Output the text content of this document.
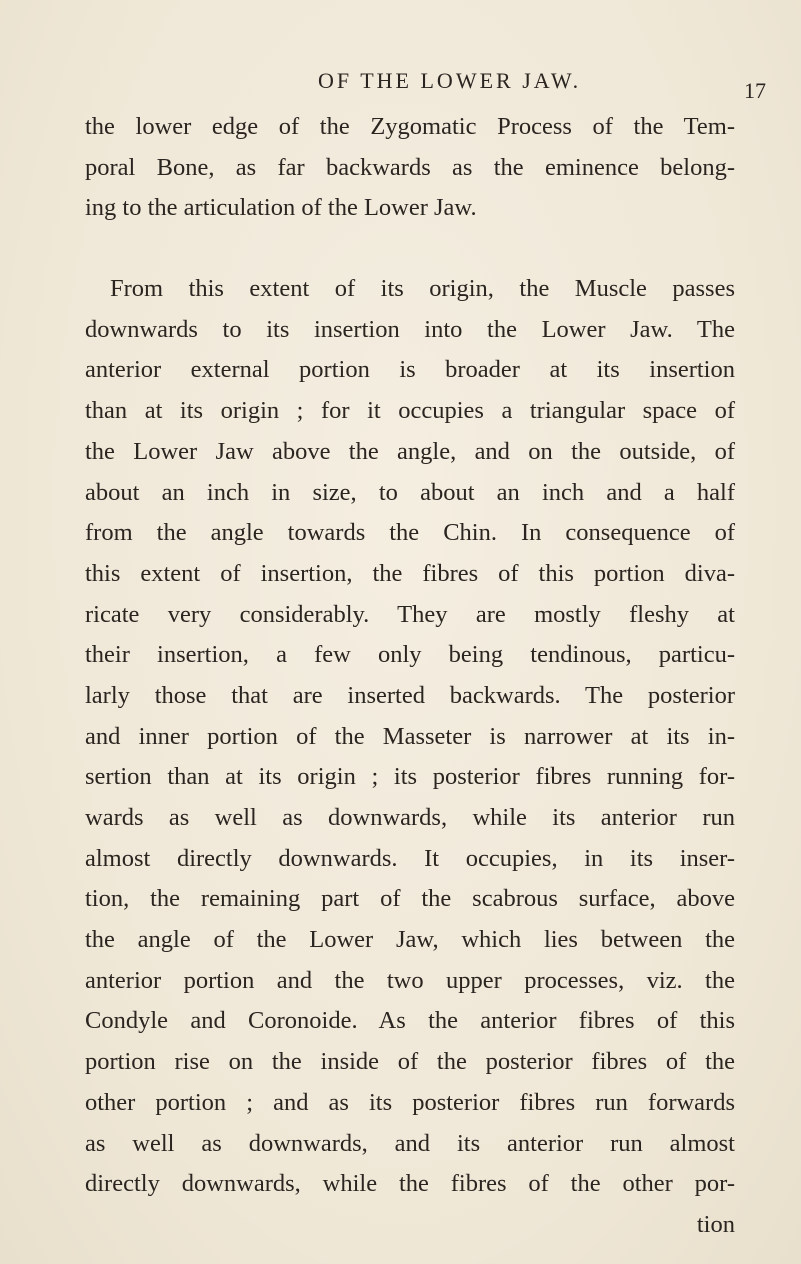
OF THE LOWER JAW.	17
the lower edge of the Zygomatic Process of the Tem-
poral Bone, as far backwards as the eminence belong-
ing to the articulation of the Lower Jaw.
From this extent of its origin, the Muscle passes
downwards to its insertion into the Lower Jaw. The
anterior external portion is broader at its insertion
than at its origin ; for it occupies a triangular space of
the Lower Jaw above the angle, and on the outside, of
about an inch in size, to about an inch and a half
from the angle towards the Chin. In consequence of
this extent of insertion, the fibres of this portion diva-
ricate very considerably. They are mostly fleshy at
their insertion, a few only being tendinous, particu-
larly those that are inserted backwards. The posterior
and inner portion of the Masseter is narrower at its in-
sertion than at its origin ; its posterior fibres running for-
wards as well as downwards, while its anterior run
almost directly downwards. It occupies, in its inser-
tion, the remaining part of the scabrous surface, above
the angle of the Lower Jaw, which lies between the
anterior portion and the two upper processes, viz. the
Condyle and Coronoide. As the anterior fibres of this
portion rise on the inside of the posterior fibres of the
other portion ; and as its posterior fibres run forwards
as well as downwards, and its anterior run almost
directly downwards, while the fibres of the other por-
tion
